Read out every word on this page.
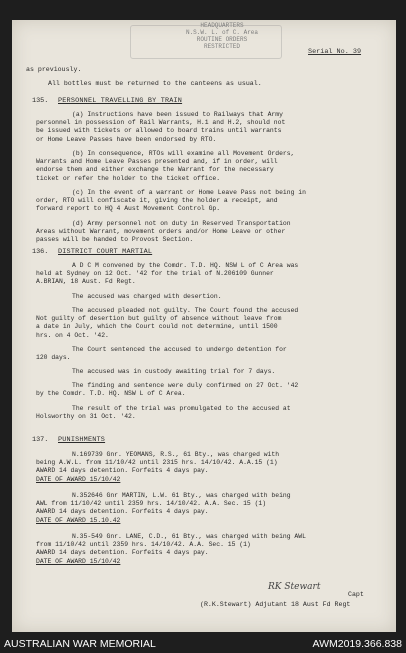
HEADQUARTERS
N.S.W. L. of C. Area
ROUTINE ORDERS
RESTRICTED
Serial No. 39
as previously.
All bottles must be returned to the canteens as usual.
135. PERSONNEL TRAVELLING BY TRAIN
(a) Instructions have been issued to Railways that Army
personnel in possession of Rail Warrants, H.1 and H.2, should not
be issued with tickets or allowed to board trains until warrants
or Home Leave Passes have been endorsed by RTO.
(b) In consequence, RTOs will examine all Movement Orders,
Warrants and Home Leave Passes presented and, if in order, will
endorse them and either exchange the Warrant for the necessary
ticket or refer the holder to the ticket office.
(c) In the event of a warrant or Home Leave Pass not being in
order, RTO will confiscate it, giving the holder a receipt, and
forward report to HQ 4 Aust Movement Control Gp.
(d) Army personnel not on duty in Reserved Transportation
Areas without Warrant, movement orders and/or Home Leave or other
passes will be handed to Provost Section.
136. DISTRICT COURT MARTIAL
A D C M convened by the Comdr. T.D. HQ. NSW L of C Area was
held at Sydney on 12 Oct. '42 for the trial of N.206109 Gunner
A.BRIAN, 18 Aust. Fd Regt.
The accused was charged with desertion.
The accused pleaded not guilty. The Court found the accused
Not guilty of desertion but guilty of absence without leave from
a date in July, which the Court could not determine, until 1500
hrs. on 4 Oct. '42.
The Court sentenced the accused to undergo detention for
120 days.
The accused was in custody awaiting trial for 7 days.
The finding and sentence were duly confirmed on 27 Oct. '42
by the Comdr. T.D. HQ. NSW L of C Area.
The result of the trial was promulgated to the accused at
Holsworthy on 31 Oct. '42.
137. PUNISHMENTS
N.169739 Gnr. YEOMANS, R.S., 61 Bty., was charged with
being A.W.L. from 11/10/42 until 2315 hrs. 14/10/42. A.A.15 (1)
AWARD 14 days detention. Forfeits 4 days pay.
DATE OF AWARD 15/10/42
N.352646 Gnr MARTIN, L.W. 61 Bty., was charged with being
AWL from 11/10/42 until 2359 hrs. 14/10/42. A.A. Sec. 15 (1)
AWARD 14 days detention. Forfeits 4 days pay.
DATE OF AWARD 15.10.42
N.35-549 Gnr. LANE, C.D., 61 Bty., was charged with being AWL
from 11/10/42 until 2359 hrs. 14/10/42. A.A. Sec. 15 (1)
AWARD 14 days detention. Forfeits 4 days pay.
DATE OF AWARD 15/10/42
RK Stewart
Capt
(R.K.Stewart) Adjutant 18 Aust Fd Regt
AUSTRALIAN WAR MEMORIAL	AWM2019.366.838
